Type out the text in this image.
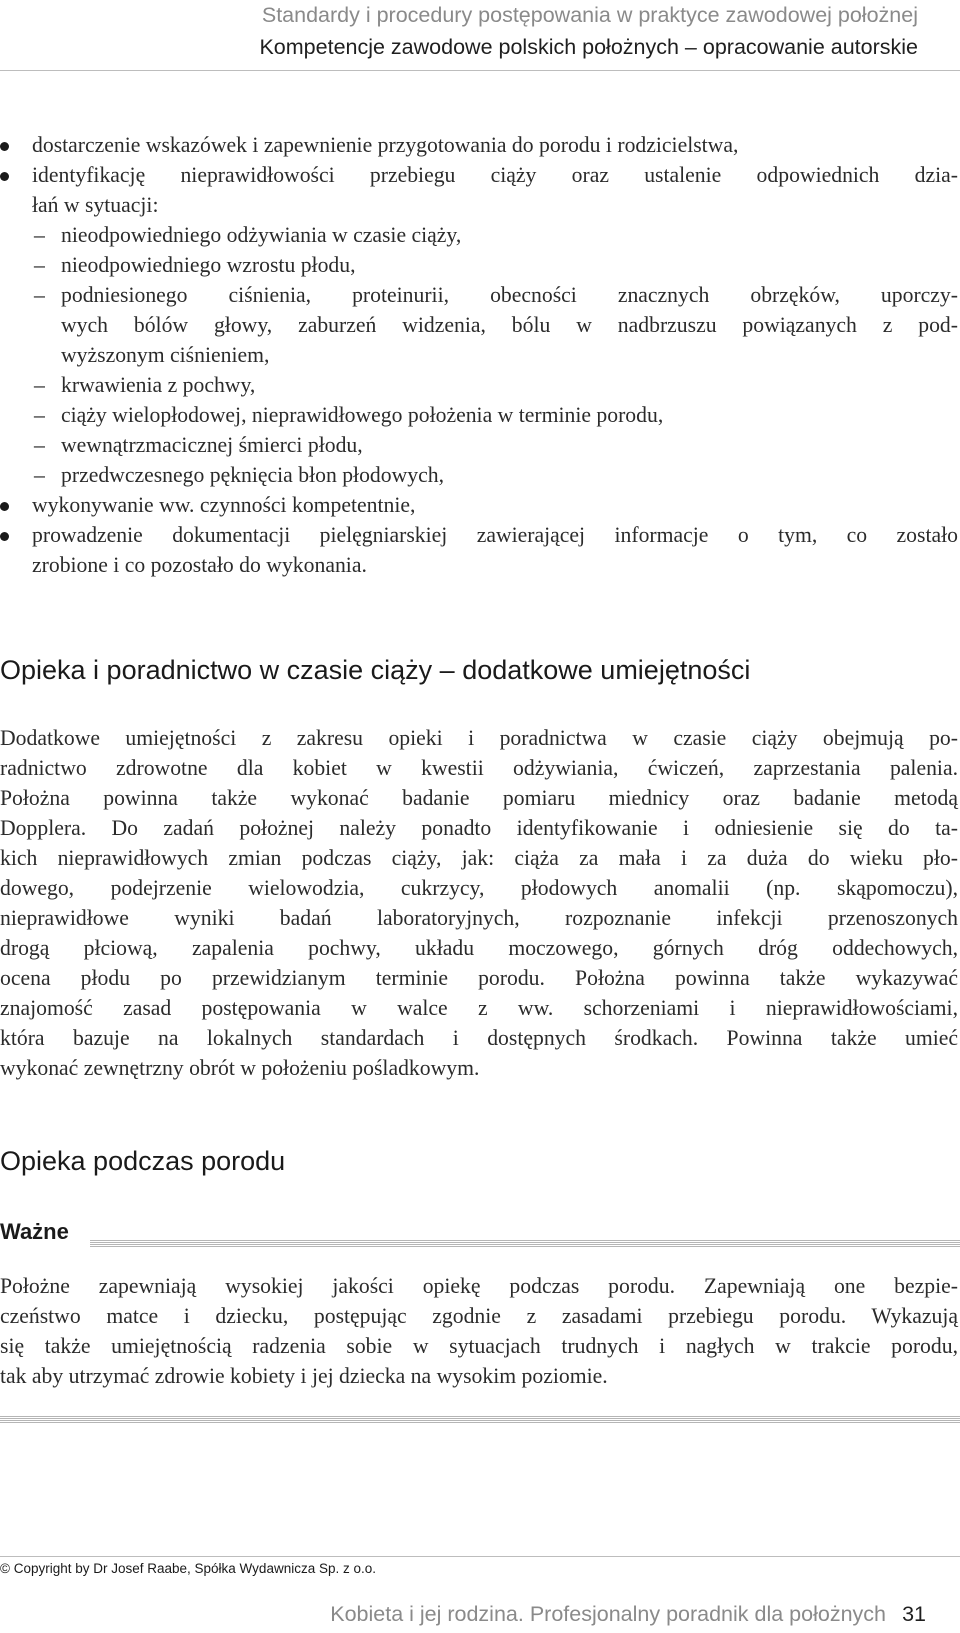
Standardy i procedury postępowania w praktyce zawodowej położnej
Kompetencje zawodowe polskich położnych – opracowanie autorskie
dostarczenie wskazówek i zapewnienie przygotowania do porodu i rodzicielstwa,
identyfikację nieprawidłowości przebiegu ciąży oraz ustalenie odpowiednich dzia-
łań w sytuacji:
– nieodpowiedniego odżywiania w czasie ciąży,
– nieodpowiedniego wzrostu płodu,
– podniesionego ciśnienia, proteinurii, obecności znacznych obrzęków, uporczy-
wych bólów głowy, zaburzeń widzenia, bólu w nadbrzuszu powiązanych z pod-
wyższonym ciśnieniem,
– krwawienia z pochwy,
– ciąży wielopłodowej, nieprawidłowego położenia w terminie porodu,
– wewnątrzmacicznej śmierci płodu,
– przedwczesnego pęknięcia błon płodowych,
wykonywanie ww. czynności kompetentnie,
prowadzenie dokumentacji pielęgniarskiej zawierającej informacje o tym, co zostało
zrobione i co pozostało do wykonania.
Opieka i poradnictwo w czasie ciąży – dodatkowe umiejętności
Dodatkowe umiejętności z zakresu opieki i poradnictwa w czasie ciąży obejmują po-
radnictwo zdrowotne dla kobiet w kwestii odżywiania, ćwiczeń, zaprzestania palenia.
Położna powinna także wykonać badanie pomiaru miednicy oraz badanie metodą
Dopplera. Do zadań położnej należy ponadto identyfikowanie i odniesienie się do ta-
kich nieprawidłowych zmian podczas ciąży, jak: ciąża za mała i za duża do wieku pło-
dowego, podejrzenie wielowodzia, cukrzycy, płodowych anomalii (np. skąpomoczu),
nieprawidłowe wyniki badań laboratoryjnych, rozpoznanie infekcji przenoszonych
drogą płciową, zapalenia pochwy, układu moczowego, górnych dróg oddechowych,
ocena płodu po przewidzianym terminie porodu. Położna powinna także wykazywać
znajomość zasad postępowania w walce z ww. schorzeniami i nieprawidłowościami,
która bazuje na lokalnych standardach i dostępnych środkach. Powinna także umieć
wykonać zewnętrzny obrót w położeniu pośladkowym.
Opieka podczas porodu
Ważne
Położne zapewniają wysokiej jakości opiekę podczas porodu. Zapewniają one bezpie-
czeństwo matce i dziecku, postępując zgodnie z zasadami przebiegu porodu. Wykazują
się także umiejętnością radzenia sobie w sytuacjach trudnych i nagłych w trakcie porodu,
tak aby utrzymać zdrowie kobiety i jej dziecka na wysokim poziomie.
© Copyright by Dr Josef Raabe, Spółka Wydawnicza Sp. z o.o.
Kobieta i jej rodzina. Profesjonalny poradnik dla położnych 31
